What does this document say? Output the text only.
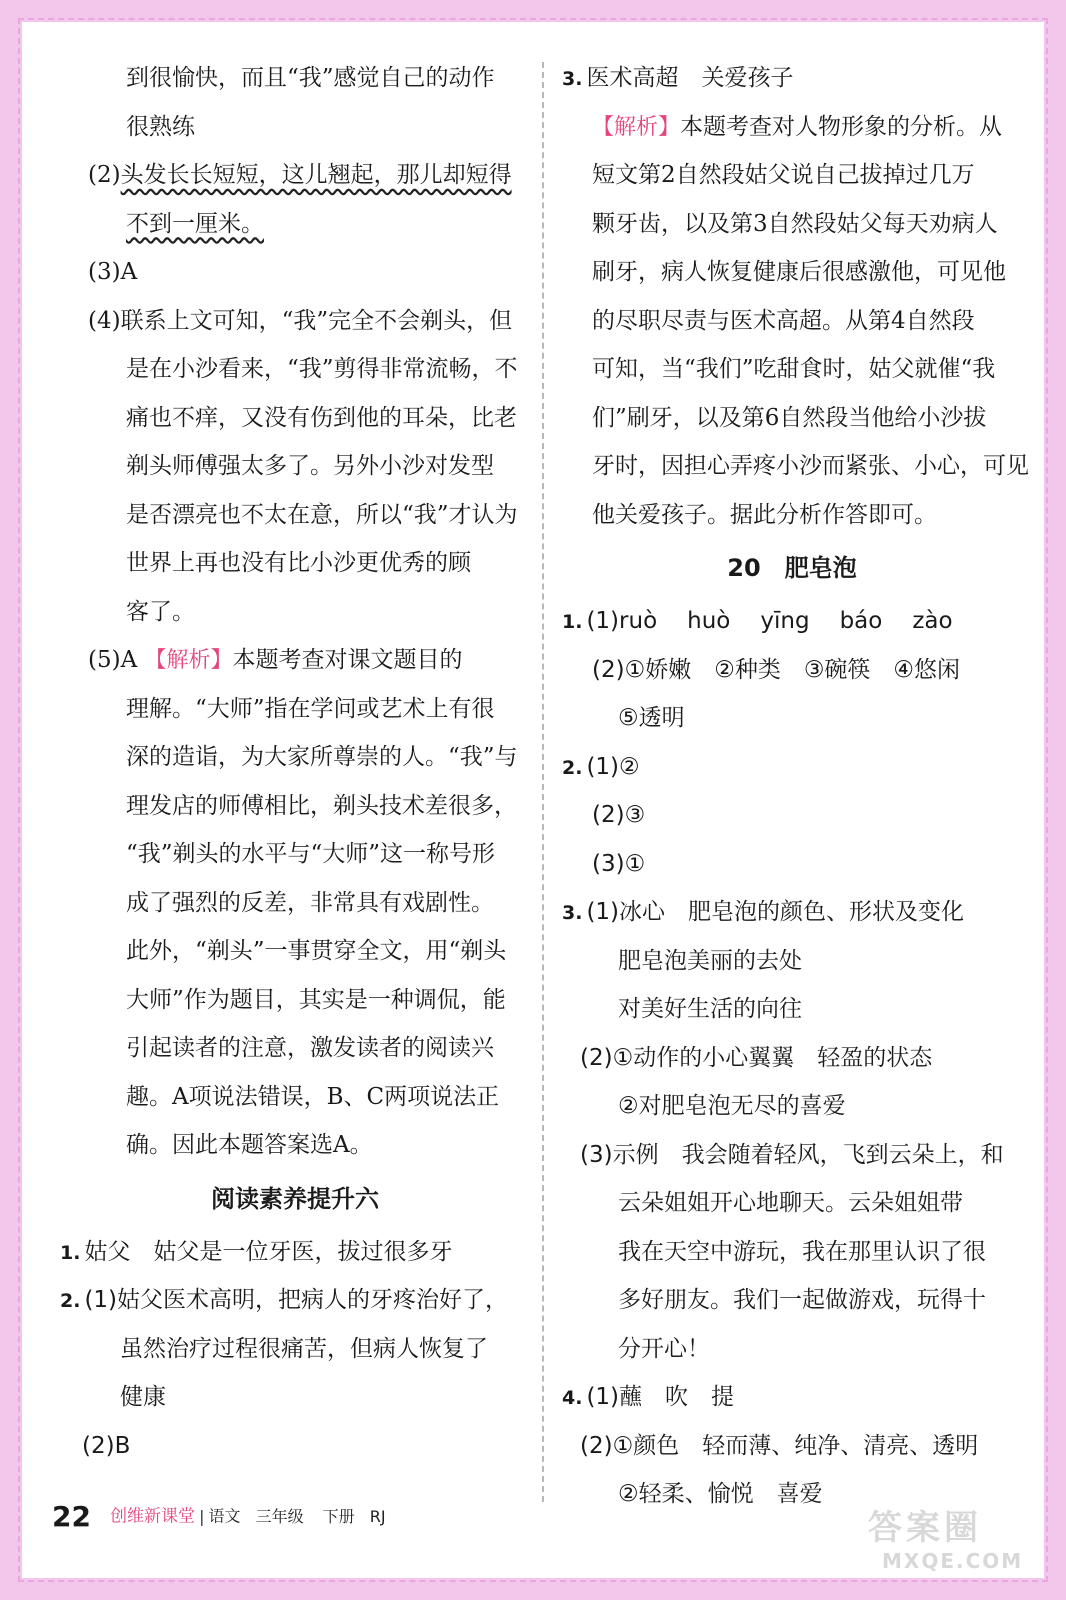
到很愉快，而且“我”感觉自己的动作
很熟练
(2)头发长长短短，这儿翘起，那儿却短得
不到一厘米。
(3)A
(4)联系上文可知，“我”完全不会剃头，但
是在小沙看来，“我”剪得非常流畅，不
痛也不痒，又没有伤到他的耳朵，比老
剃头师傅强太多了。另外小沙对发型
是否漂亮也不太在意，所以“我”才认为
世界上再也没有比小沙更优秀的顾
客了。
(5)A 【解析】本题考查对课文题目的
理解。“大师”指在学问或艺术上有很
深的造诣，为大家所尊崇的人。“我”与
理发店的师傅相比，剃头技术差很多，
“我”剃头的水平与“大师”这一称号形
成了强烈的反差，非常具有戏剧性。
此外，“剃头”一事贯穿全文，用“剃头
大师”作为题目，其实是一种调侃，能
引起读者的注意，激发读者的阅读兴
趣。A项说法错误，B、C两项说法正
确。因此本题答案选A。
阅读素养提升六
1. 姑父　姑父是一位牙医，拔过很多牙
2. (1)姑父医术高明，把病人的牙疼治好了，
虽然治疗过程很痛苦，但病人恢复了
健康
(2)B
3. 医术高超　关爱孩子
【解析】本题考查对人物形象的分析。从
短文第2自然段姑父说自己拔掉过几万
颗牙齿，以及第3自然段姑父每天劝病人
刷牙，病人恢复健康后很感激他，可见他
的尽职尽责与医术高超。从第4自然段
可知，当“我们”吃甜食时，姑父就催“我
们”刷牙，以及第6自然段当他给小沙拔
牙时，因担心弄疼小沙而紧张、小心，可见
他关爱孩子。据此分析作答即可。
20　肥皂泡
1. (1)ruò huò yīng báo zào
(2)①娇嫩　②种类　③碗筷　④悠闲
⑤透明
2. (1)②
(2)③
(3)①
3. (1)冰心　肥皂泡的颜色、形状及变化
肥皂泡美丽的去处
对美好生活的向往
(2)①动作的小心翼翼　轻盈的状态
②对肥皂泡无尽的喜爱
(3)示例　我会随着轻风，飞到云朵上，和
云朵姐姐开心地聊天。云朵姐姐带
我在天空中游玩，我在那里认识了很
多好朋友。我们一起做游戏，玩得十
分开心！
4. (1)蘸　吹　提
(2)①颜色　轻而薄、纯净、清亮、透明
②轻柔、愉悦　喜爱
22 创维新课堂 | 语文 三年级 下册 RJ	答案圈
MXQE.COM
